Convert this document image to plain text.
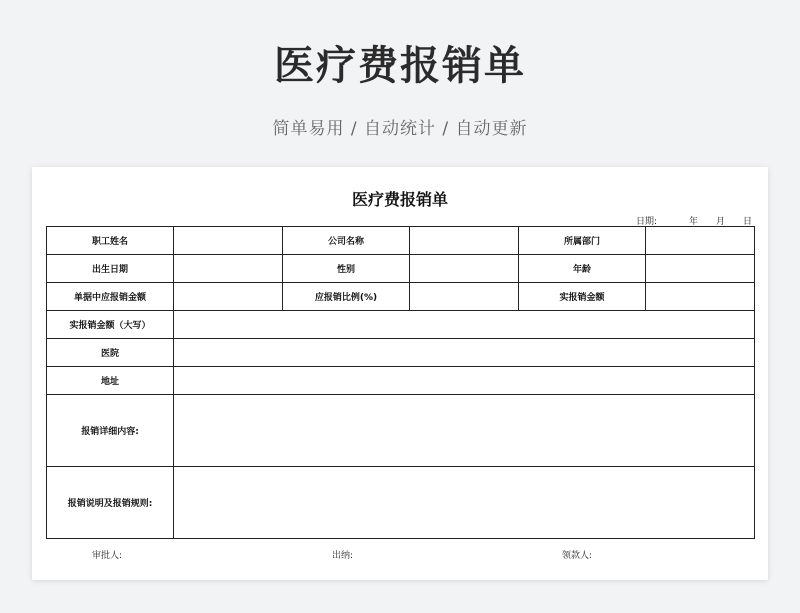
医疗费报销单
简单易用 / 自动统计 / 自动更新
医疗费报销单
日期:	年 月 日
职工姓名		公司名称		所属部门	
出生日期		性别		年龄	
单据中应报销金额		应报销比例(%)		实报销金额	
实报销金额（大写）					
医院					
地址					
报销详细内容:					
报销说明及报销规则:					
审批人:	出纳:	领款人:
